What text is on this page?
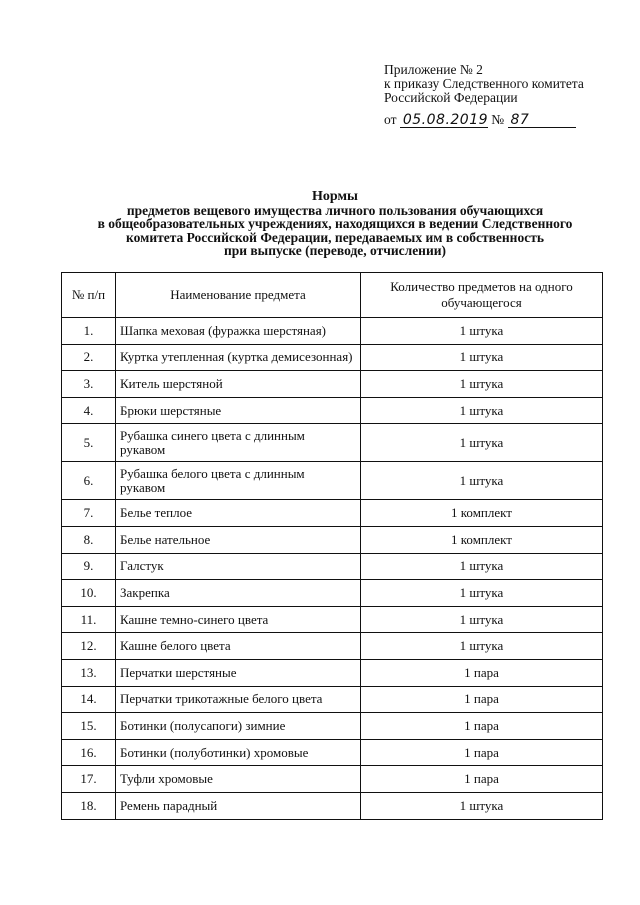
Приложение № 2
к приказу Следственного комитета
Российской Федерации
от 05.08.2019 № 87
Нормы
предметов вещевого имущества личного пользования обучающихся
в общеобразовательных учреждениях, находящихся в ведении Следственного
комитета Российской Федерации, передаваемых им в собственность
при выпуске (переводе, отчислении)
№ п/п	Наименование предмета	Количество предметов на одного
обучающегося

1.	Шапка меховая (фуражка шерстяная)	1 штука
2.	Куртка утепленная (куртка демисезонная)	1 штука
3.	Китель шерстяной	1 штука
4.	Брюки шерстяные	1 штука
5.	Рубашка синего цвета с длинным
рукавом	1 штука
6.	Рубашка белого цвета с длинным
рукавом	1 штука
7.	Белье теплое	1 комплект
8.	Белье нательное	1 комплект
9.	Галстук	1 штука
10.	Закрепка	1 штука
11.	Кашне темно-синего цвета	1 штука
12.	Кашне белого цвета	1 штука
13.	Перчатки шерстяные	1 пара
14.	Перчатки трикотажные белого цвета	1 пара
15.	Ботинки (полусапоги) зимние	1 пара
16.	Ботинки (полуботинки) хромовые	1 пара
17.	Туфли хромовые	1 пара
18.	Ремень парадный	1 штука
